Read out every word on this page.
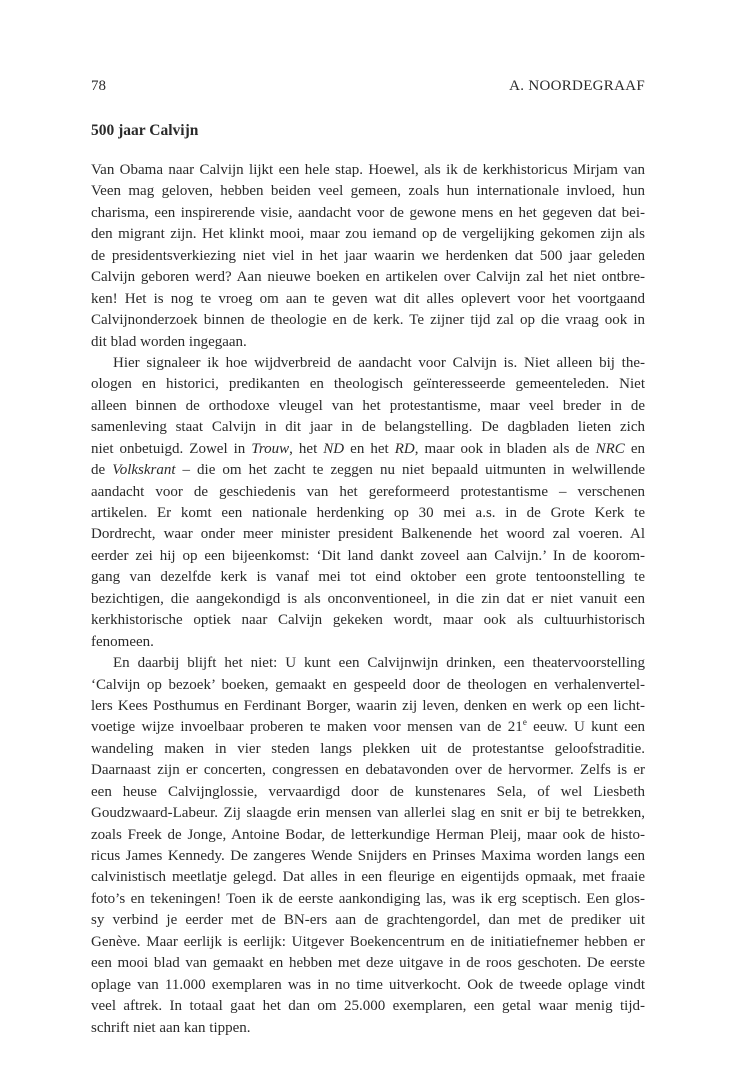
78	A. NOORDEGRAAF
500 jaar Calvijn
Van Obama naar Calvijn lijkt een hele stap. Hoewel, als ik de kerkhistoricus Mirjam van
Veen mag geloven, hebben beiden veel gemeen, zoals hun internationale invloed, hun
charisma, een inspirerende visie, aandacht voor de gewone mens en het gegeven dat bei-
den migrant zijn. Het klinkt mooi, maar zou iemand op de vergelijking gekomen zijn als
de presidentsverkiezing niet viel in het jaar waarin we herdenken dat 500 jaar geleden
Calvijn geboren werd? Aan nieuwe boeken en artikelen over Calvijn zal het niet ontbre-
ken! Het is nog te vroeg om aan te geven wat dit alles oplevert voor het voortgaand
Calvijnonderzoek binnen de theologie en de kerk. Te zijner tijd zal op die vraag ook in
dit blad worden ingegaan.
Hier signaleer ik hoe wijdverbreid de aandacht voor Calvijn is. Niet alleen bij the-
ologen en historici, predikanten en theologisch geïnteresseerde gemeenteleden. Niet
alleen binnen de orthodoxe vleugel van het protestantisme, maar veel breder in de
samenleving staat Calvijn in dit jaar in de belangstelling. De dagbladen lieten zich
niet onbetuigd. Zowel in Trouw, het ND en het RD, maar ook in bladen als de NRC en
de Volkskrant – die om het zacht te zeggen nu niet bepaald uitmunten in welwillende
aandacht voor de geschiedenis van het gereformeerd protestantisme – verschenen
artikelen. Er komt een nationale herdenking op 30 mei a.s. in de Grote Kerk te
Dordrecht, waar onder meer minister president Balkenende het woord zal voeren. Al
eerder zei hij op een bijeenkomst: ‘Dit land dankt zoveel aan Calvijn.’ In de koorom-
gang van dezelfde kerk is vanaf mei tot eind oktober een grote tentoonstelling te
bezichtigen, die aangekondigd is als onconventioneel, in die zin dat er niet vanuit een
kerkhistorische optiek naar Calvijn gekeken wordt, maar ook als cultuurhistorisch
fenomeen.
En daarbij blijft het niet: U kunt een Calvijnwijn drinken, een theatervoorstelling
‘Calvijn op bezoek’ boeken, gemaakt en gespeeld door de theologen en verhalenvertel-
lers Kees Posthumus en Ferdinant Borger, waarin zij leven, denken en werk op een licht-
voetige wijze invoelbaar proberen te maken voor mensen van de 21e eeuw. U kunt een
wandeling maken in vier steden langs plekken uit de protestantse geloofstraditie.
Daarnaast zijn er concerten, congressen en debatavonden over de hervormer. Zelfs is er
een heuse Calvijnglossie, vervaardigd door de kunstenares Sela, of wel Liesbeth
Goudzwaard-Labeur. Zij slaagde erin mensen van allerlei slag en snit er bij te betrekken,
zoals Freek de Jonge, Antoine Bodar, de letterkundige Herman Pleij, maar ook de histo-
ricus James Kennedy. De zangeres Wende Snijders en Prinses Maxima worden langs een
calvinistisch meetlatje gelegd. Dat alles in een fleurige en eigentijds opmaak, met fraaie
foto’s en tekeningen! Toen ik de eerste aankondiging las, was ik erg sceptisch. Een glos-
sy verbind je eerder met de BN-ers aan de grachtengordel, dan met de prediker uit
Genève. Maar eerlijk is eerlijk: Uitgever Boekencentrum en de initiatiefnemer hebben er
een mooi blad van gemaakt en hebben met deze uitgave in de roos geschoten. De eerste
oplage van 11.000 exemplaren was in no time uitverkocht. Ook de tweede oplage vindt
veel aftrek. In totaal gaat het dan om 25.000 exemplaren, een getal waar menig tijd-
schrift niet aan kan tippen.
